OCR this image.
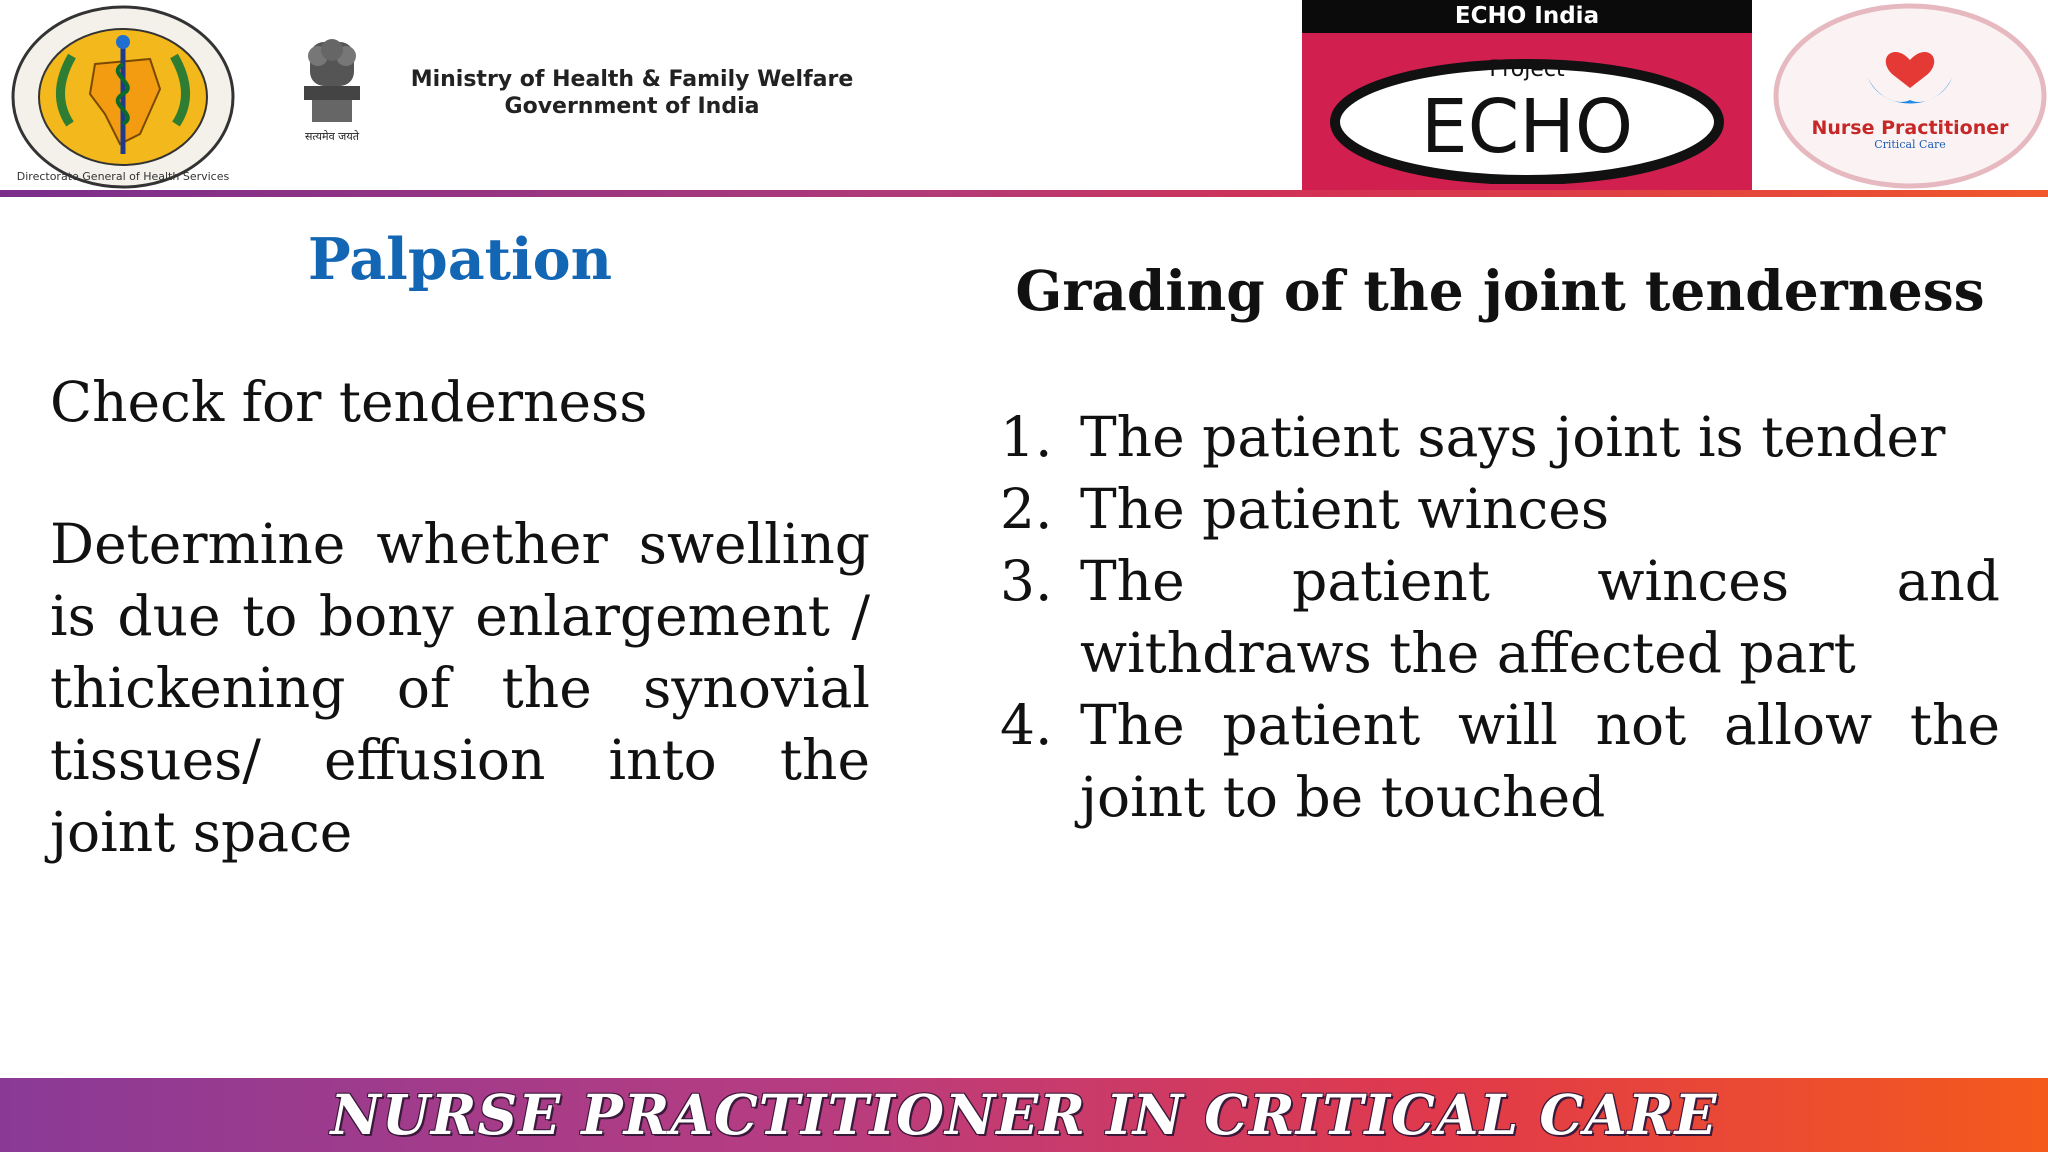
Directorate General of Health Services
सत्यमेव जयते
Ministry of Health & Family Welfare
Government of India
ECHO India
Project
ECHO	Nurse Practitioner
Critical Care
Palpation

Check for tenderness

Determine whether swelling is due to bony enlargement / thickening of the synovial tissues/ effusion into the joint space

Grading of the joint tenderness
1. The patient says joint is tender
2. The patient winces
3. The patient winces and withdraws the affected part
4. The patient will not allow the joint to be touched
NURSE PRACTITIONER IN CRITICAL CARE
